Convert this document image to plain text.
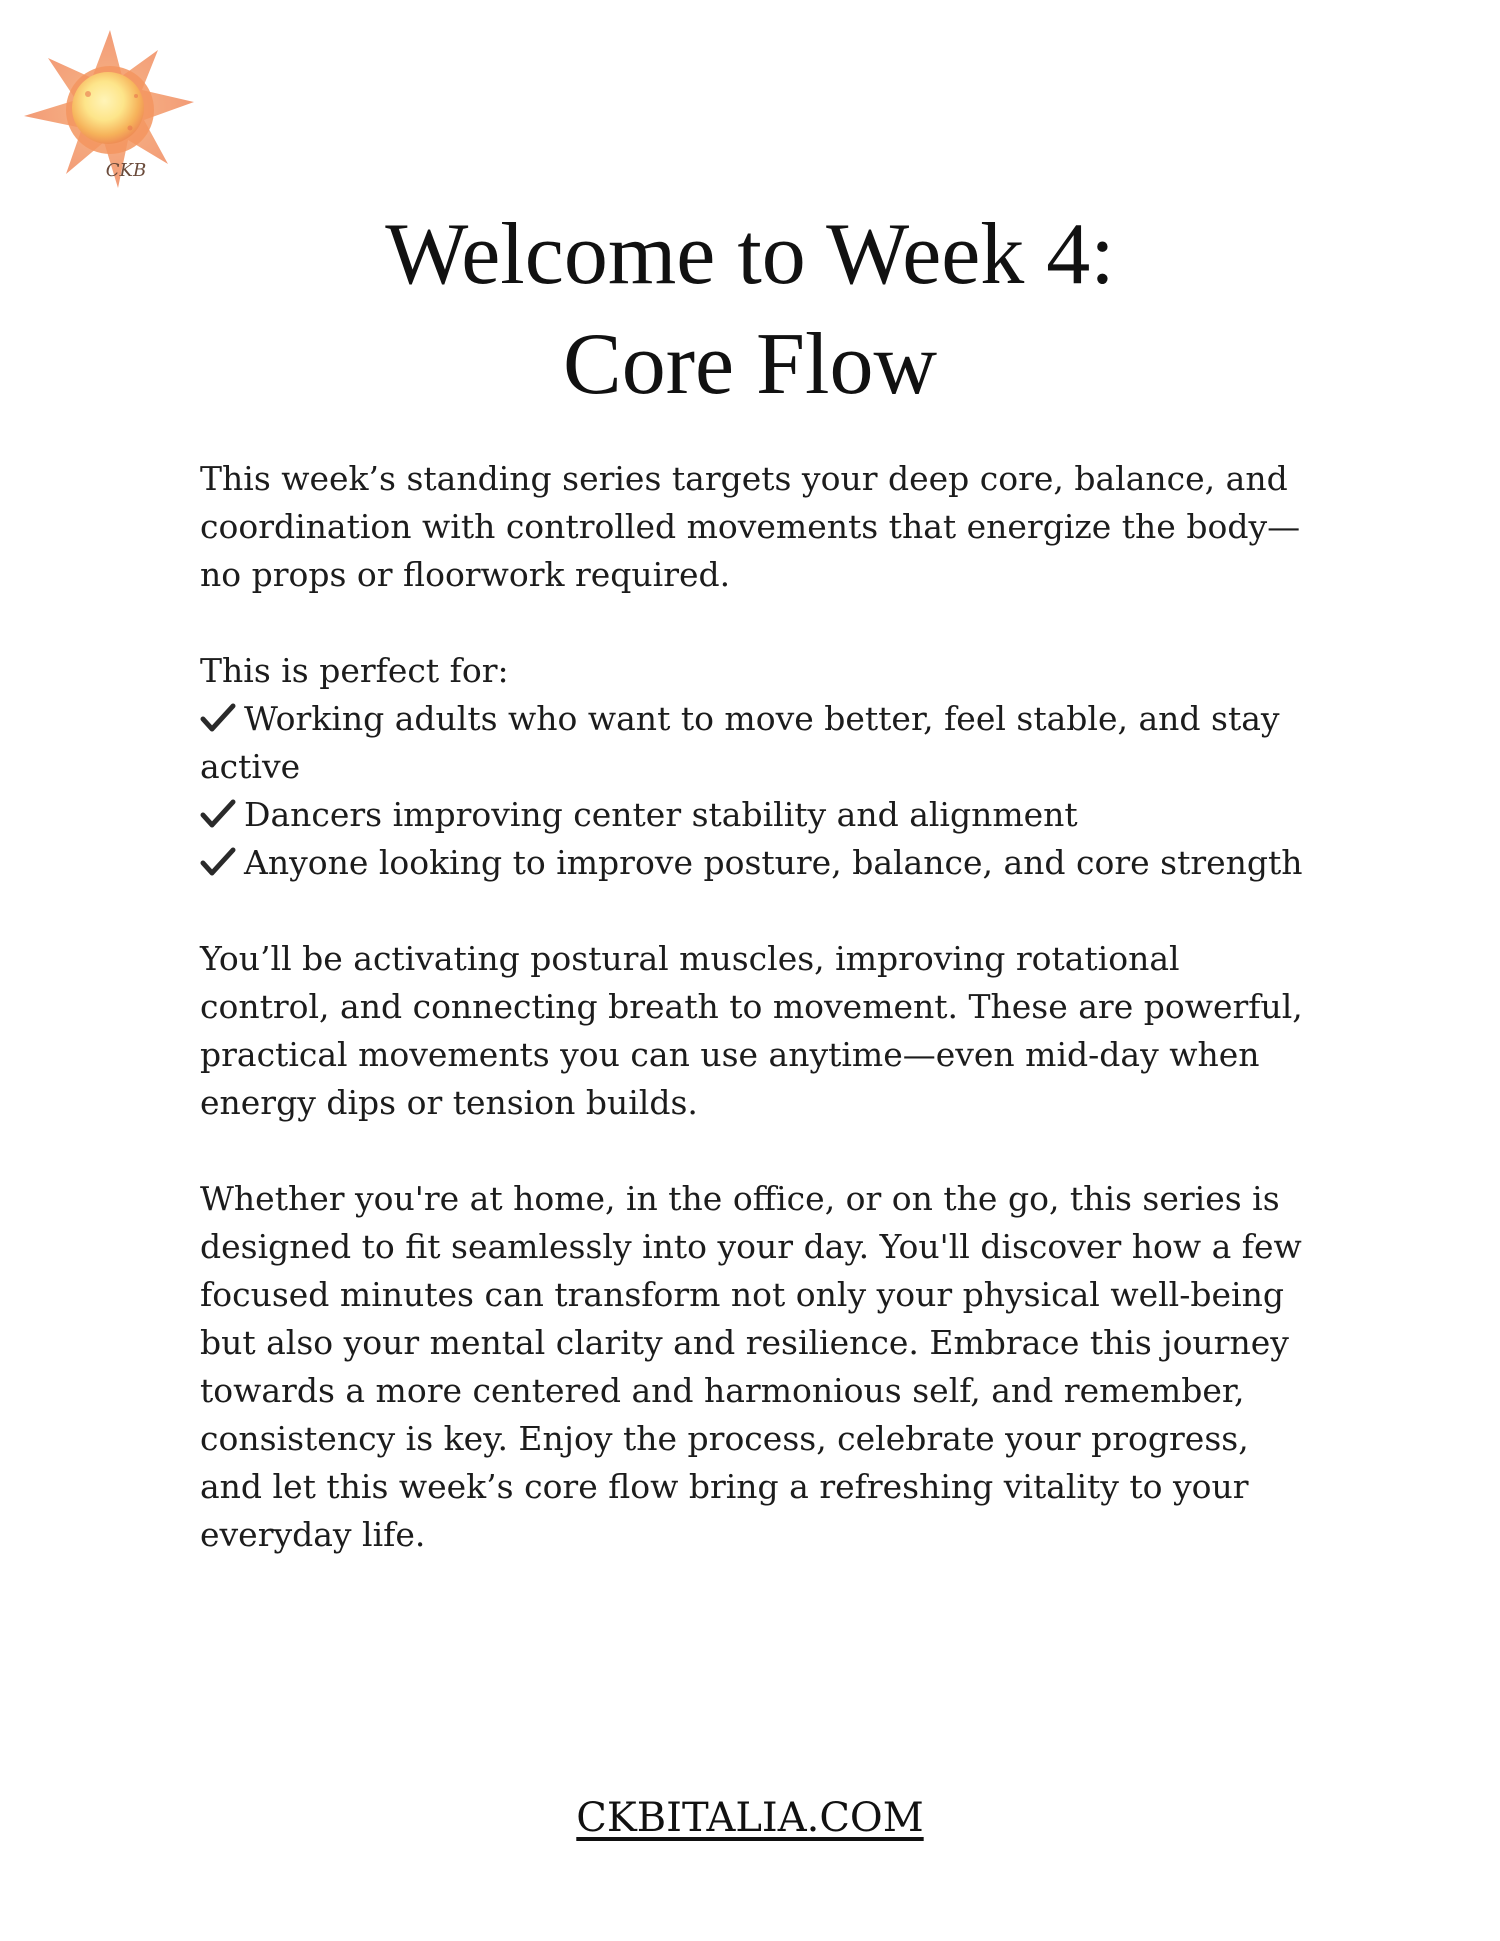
CKB
Welcome to Week 4:
Core Flow

This week’s standing series targets your deep core, balance, and coordination with controlled movements that energize the body—no props or floorwork required.

This is perfect for:
Working adults who want to move better, feel stable, and stay active
Dancers improving center stability and alignment
Anyone looking to improve posture, balance, and core strength

You’ll be activating postural muscles, improving rotational control, and connecting breath to movement. These are powerful, practical movements you can use anytime—even mid-day when energy dips or tension builds.

Whether you're at home, in the office, or on the go, this series is designed to fit seamlessly into your day. You'll discover how a few focused minutes can transform not only your physical well-being but also your mental clarity and resilience. Embrace this journey towards a more centered and harmonious self, and remember, consistency is key. Enjoy the process, celebrate your progress, and let this week’s core flow bring a refreshing vitality to your everyday life.

CKBITALIA.COM
